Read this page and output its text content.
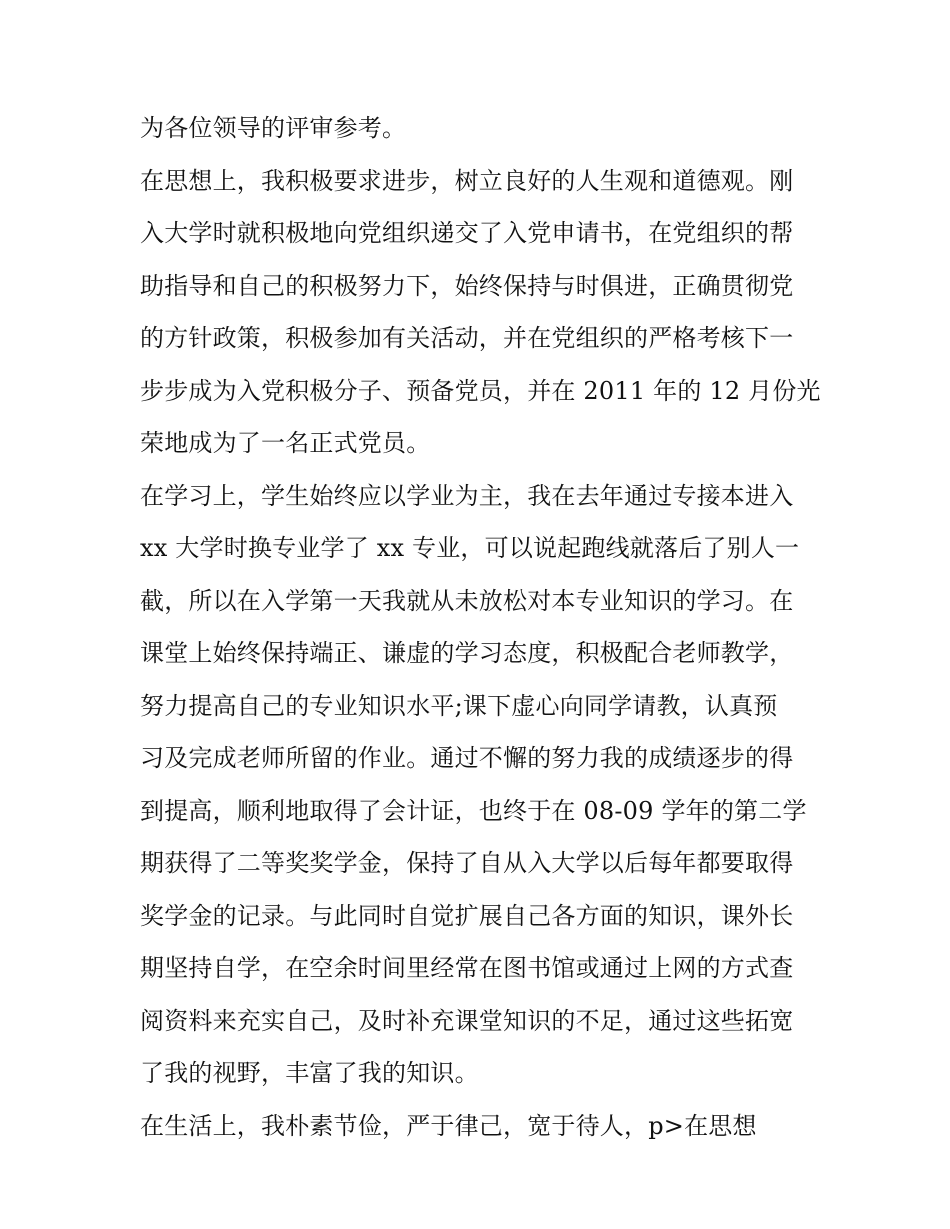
为各位领导的评审参考。
在思想上，我积极要求进步，树立良好的人生观和道德观。刚
入大学时就积极地向党组织递交了入党申请书，在党组织的帮
助指导和自己的积极努力下，始终保持与时俱进，正确贯彻党
的方针政策，积极参加有关活动，并在党组织的严格考核下一
步步成为入党积极分子、预备党员，并在 2011 年的 12 月份光
荣地成为了一名正式党员。
在学习上，学生始终应以学业为主，我在去年通过专接本进入
xx 大学时换专业学了 xx 专业，可以说起跑线就落后了别人一
截，所以在入学第一天我就从未放松对本专业知识的学习。在
课堂上始终保持端正、谦虚的学习态度，积极配合老师教学，
努力提高自己的专业知识水平;课下虚心向同学请教，认真预
习及完成老师所留的作业。通过不懈的努力我的成绩逐步的得
到提高，顺利地取得了会计证，也终于在 08-09 学年的第二学
期获得了二等奖奖学金，保持了自从入大学以后每年都要取得
奖学金的记录。与此同时自觉扩展自己各方面的知识，课外长
期坚持自学，在空余时间里经常在图书馆或通过上网的方式查
阅资料来充实自己，及时补充课堂知识的不足，通过这些拓宽
了我的视野，丰富了我的知识。
在生活上，我朴素节俭，严于律己，宽于待人，p>在思想
